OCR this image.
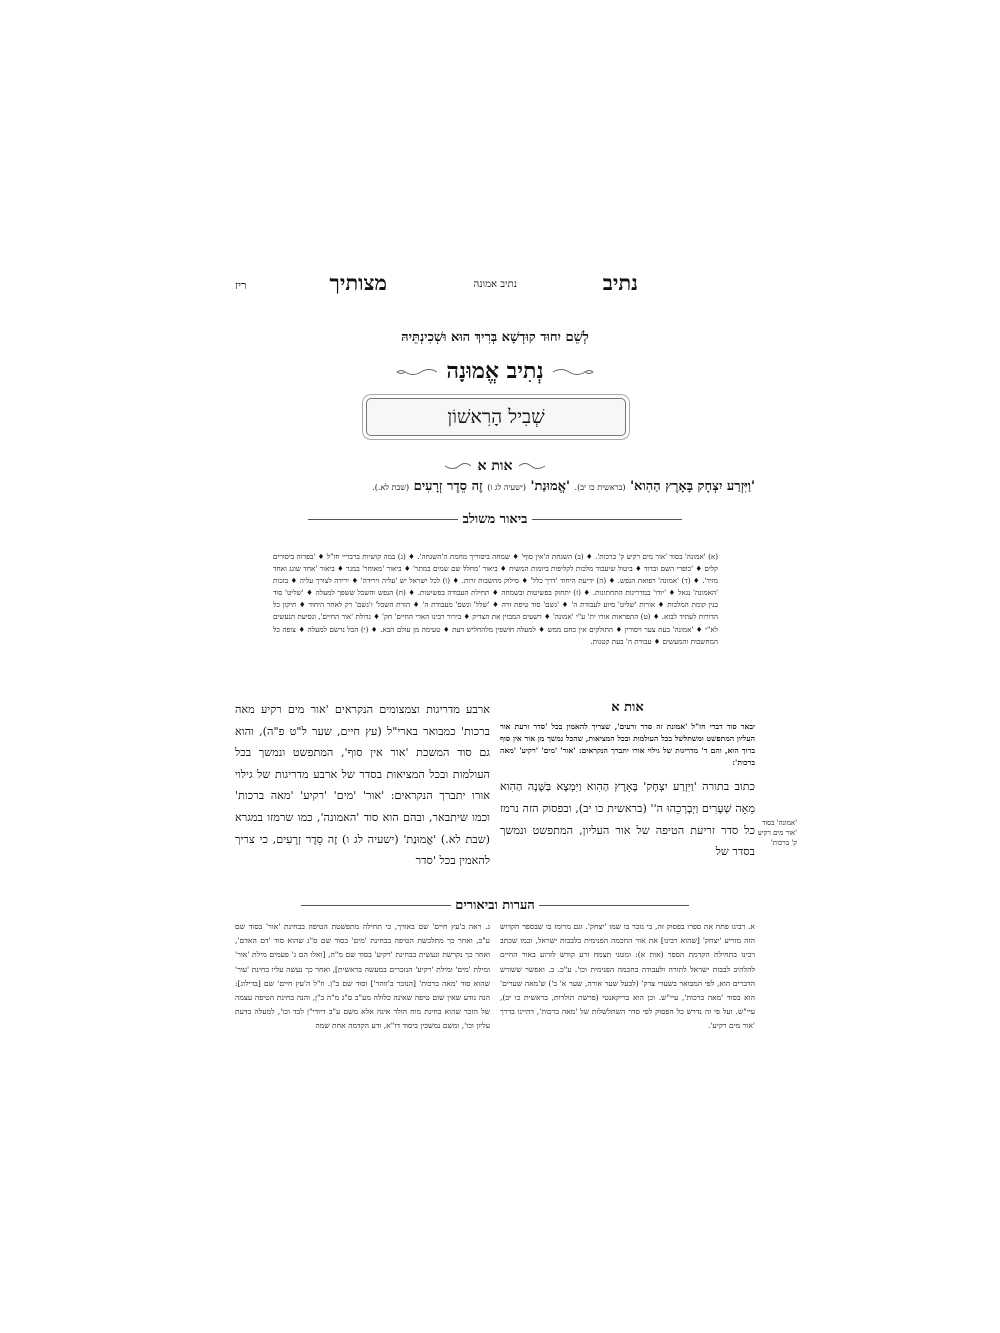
נתיב
נתיב אמונה
מצותיך
ריז
לְשֵׁם יִחוּד קוּדְשָׁא בְּרִיךְ הוּא וּשְׁכִינְתֵּיהּ
נְתִיב אֱמוּנָה
שְׁבִיל הָרִאשׁוֹן
אות א
'וַיִּזְרַע יִצְחָק בָּאָרֶץ הַהִוא' (בראשית כו יב). 'אֱמוּנַת' (ישעיה לג ו) זֶה סֵדֶר זְרָעִים (שבת לא.).
ביאור משולב
(א) 'אמונה' בסוד 'אור מים רקיע ק' ברכות'. ♦ (ב) השגחת ה'אין סוף' ♦ שמחה ביסוריך מחמת ה'השגחה'. ♦ (ג) במה קושיות ברבריי חז"ל ♦ 'בפרוה ביסורים קלים ♦ 'כופרי השם ובדוד ♦ ביטול שיעבוד מלכות לקליפות ביומות המשיח ♦ ביאור 'מחלל שם שמים במתר' ♦ ביאור 'מאוחר' במגר ♦ ביאור 'אחד שוגג ואחד מזיד'. ♦ (ד) 'אמונה' רפואת הנפש. ♦ (ה) ידיעת היחוד 'דרך כלל' ♦ סילוק מחשבות זרות. ♦ (ו) לכל ישראל יש 'עליה וירידה' ♦ ירידה לצורך עליה ♦ בזכות 'האמונה' נגאל ♦ 'יודו' במדריגות התחתונות. ♦ (ז) יתחזק בפשיטות ובשמחה ♦ תחילת העבודה בפשיטות. ♦ (ח) הנפש והשכל ששפך למעלה ♦ 'שליט' סוד בנין קומת המלכות ♦ אורות 'שליט' סיוע לעבודת ה' ♦ 'גשם' סוד טיפת זרה ♦ 'שלל' וגשם' מעבודת ה' ♦ הזרת השכל' ו'גשם' רק לאחר היחוד ♦ תיקון כל הדורות לעתיד לבוא. ♦ (ט) התפראות אורו ית' ע"י 'אמונה' ♦ רשעים המבזין את הצדיק ♦ בירור רבינו הארי החיים' חק' ♦ גדולת 'אור החיים', ונסיעת הנעשים לא"י ♦ 'אמונה' בעת צער ויסורין ♦ התולקים אין כחם ממש ♦ למעלה חושפין מלהחליש דעת ♦ טעימה מן עולם הבא. ♦ (י) הכל נרשם למעלה ♦ צופה כל המחשבות והמעשים ♦ עבודת ה' בעת קטנות.
אות א
יבאר סוד דברי חז"ל 'אמונת זה סדר זרעים', שצריך להאמין בכל 'סדר זרעת אור העליון המתפשט ומשתלשל בכל העולמות ובכל המציאות, שהכל נמשך מן אור אין סוף ברוך הוא, והם ד' מדריגות של גילוי אורו יתברך הנקראים: 'אור' 'מים' 'רקיע' 'מאה ברכות':
כתוב בתורה 'וַיִּזְרַע יִצְחָק' בָּאָרֶץ הַהִוא וַיִּמְצָא בַּשָּׁנָה הַהִוא מֵאָה שְׁעָרִים וַיְבָרְכֵהוּ ה'' (בראשית כו יב), ובפסוק הזה נרמז כל סדר זריעת הטיפה של אור העליון, המתפשט ונמשך בסדר של
'אמונה' בסוד 'אור מים רקיע ק' ברכות'
ארבע מדריגות וצמצומים הנקראים 'אור מים רקיע מאה ברכות' כמבואר בארי"ל (עץ חיים, שער ל"ט פ"ה), והוא גם סוד המשכת 'אור אין סוף', המתפשט ונמשך בכל העולמות ובכל המציאות בסדר של ארבע מדריגות של גילוי אורו יתברך הנקראים: 'אור' 'מים' 'רקיע' 'מאה ברכות' וכמו שיתבאר, ובהם הוא סוד 'האמונה', כמו שרמזו במגרא (שבת לא.) 'אֱמוּנַת' (ישעיה לג ו) זֶה סֵדֶר זְרָעִים, כי צריך להאמין בכל 'סדר
הערות וביאורים
א. רבינו פתח את ספרו בפסוק זה, כי נזכר בו שמו 'יצחק'. וגם מרומז בו שבספר הקדוש הזה מזריע 'יצחק' [שהוא רבינו] את אור החכמה הפנימית בלבבות ישראל, וכמו שכתב רבינו בתחילת הקדמת הספר (אות א): ומטני תצמח זרע קודש לזרוע באור החיים להלהיב לבבות ישראל לתורה ולעבודה בחכמה הפנימית וכו'. ע"כ. ב. ואפשר ששורש הדברים הוא, לפי המבואר בשערי צדק' (לבעל שער אורה, שער א' ב') ש'מאה שערים' הוא בסוד 'מאה ברכות', עיי"ש. וכן הוא בריקאנטי (פרשת תולדות, בראשית כו יב), עיי"ש. ועל פי זה נדרש כל הפסוק לפי סדר השתלשלות של 'מאה ברכות', דהיינו בדרך 'אור מים רקיע'.
ג. ראה ב'עץ חיים' שם באורך, כי תחילה מתפשטת הטיפה בבחינת 'אור' בסוד שם ע"ב, ואחר כך מתלבשת הטיפה בבחינת 'מים' בסוד שם ס"ג שהוא סוד 'דם האדם', ואחר כך נקרשת ונעשית בבחינת 'רקיע' בסוד שם מ"ה, [ואלו הם ג' פעמים מילת 'אור' ומילת 'מים' ומילת 'רקיע' הנזכרים במעשה בראשית], ואחר כך נעשה עליו בחינת 'עור' שהוא סוד 'מאה ברכות' [הנזכר ב'זוהר'] וסוד שם ב"ן. וז"ל ה'עץ חיים' שם [בדילוג]: הנה נודע שאין שום טיפה שאינה כלולה מע"ב ס"ג מ"ה ב"ן, והנה בחינת הטיפה עצמה של הזכר שהוא בחינת מוח הולד אינה אלא משם ע"ב דיודי"ן לבד וכו', למעלה בדעת עליון וכו', ומשם נמשכין ביסוד דז"א, ודע הקדמה אחת שמה
